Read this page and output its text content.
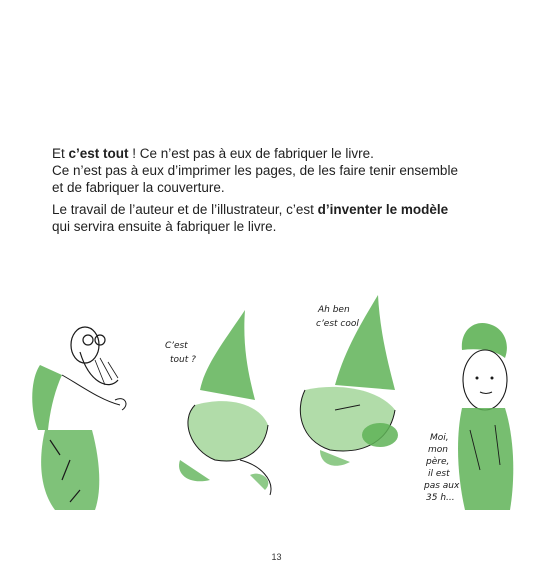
Et c’est tout ! Ce n’est pas à eux de fabriquer le livre.
Ce n’est pas à eux d’imprimer les pages, de les faire tenir ensemble
et de fabriquer la couverture.

Le travail de l’auteur et de l’illustrateur, c’est d’inventer le modèle
qui servira ensuite à fabriquer le livre.

C’est
tout ?
Ah ben
c’est cool
Moi,
mon
père,
il est
pas aux
35 h...
13
